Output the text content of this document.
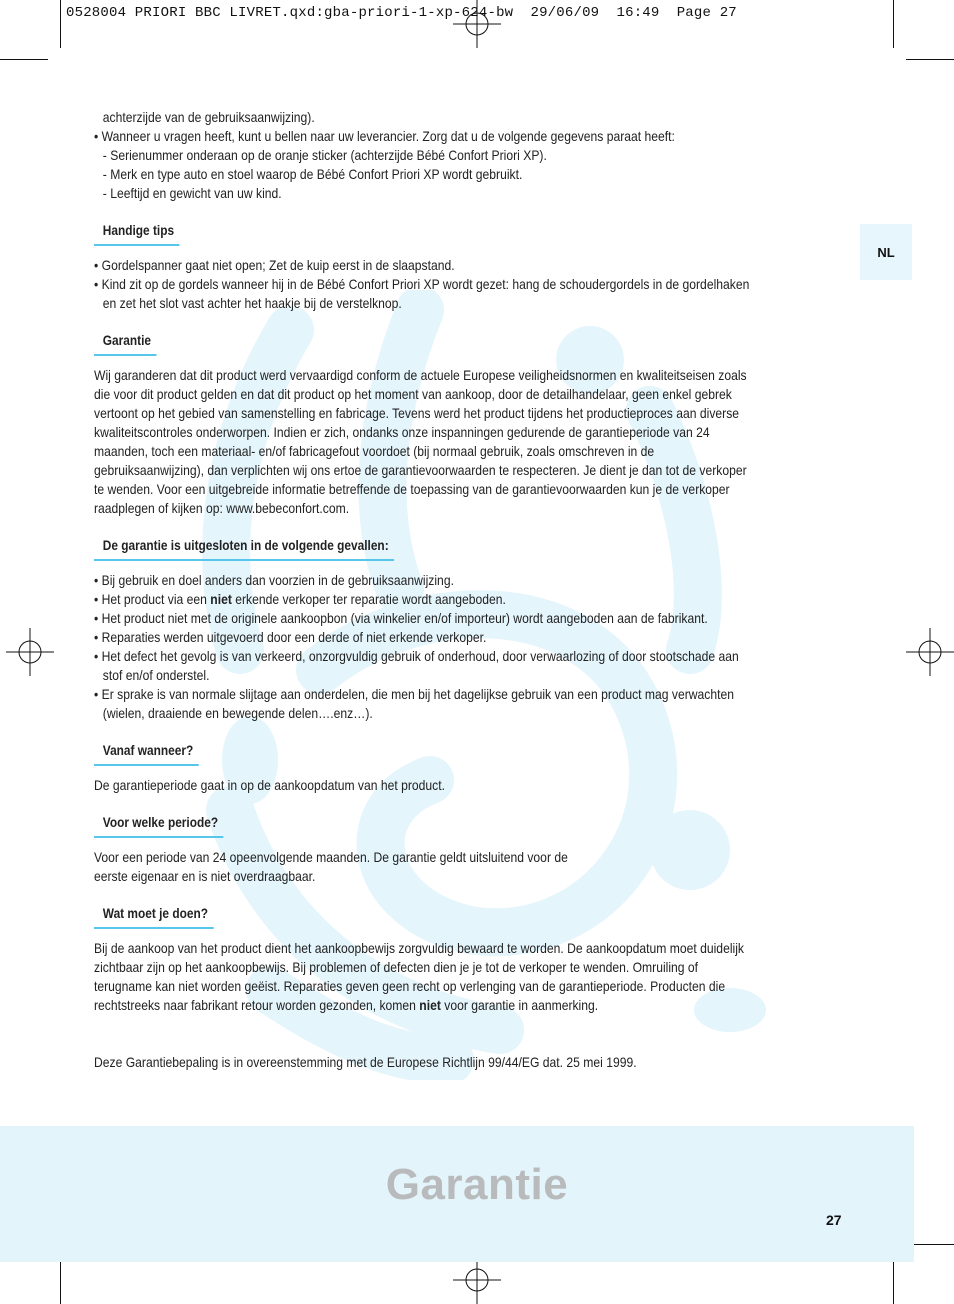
0528004 PRIORI BBC LIVRET.qxd:gba-priori-1-xp-624-bw  29/06/09  16:49  Page 27
NL

achterzijde van de gebruiksaanwijzing).

• Wanneer u vragen heeft, kunt u bellen naar uw leverancier. Zorg dat u de volgende gegevens paraat heeft:

- Serienummer onderaan op de oranje sticker (achterzijde Bébé Confort Priori XP).

- Merk en type auto en stoel waarop de Bébé Confort Priori XP wordt gebruikt.

- Leeftijd en gewicht van uw kind.

Handige tips

• Gordelspanner gaat niet open; Zet de kuip eerst in de slaapstand.

• Kind zit op de gordels wanneer hij in de Bébé Confort Priori XP wordt gezet: hang de schoudergordels in de gordelhaken en zet het slot vast achter het haakje bij de verstelknop.

Garantie

Wij garanderen dat dit product werd vervaardigd conform de actuele Europese veiligheidsnormen en kwaliteitseisen zoals die voor dit product gelden en dat dit product op het moment van aankoop, door de detailhandelaar, geen enkel gebrek vertoont op het gebied van samenstelling en fabricage. Tevens werd het product tijdens het productieproces aan diverse kwaliteitscontroles onderworpen. Indien er zich, ondanks onze inspanningen gedurende de garantieperiode van 24 maanden, toch een materiaal- en/of fabricagefout voordoet (bij normaal gebruik, zoals omschreven in de gebruiksaanwijzing), dan verplichten wij ons ertoe de garantievoorwaarden te respecteren. Je dient je dan tot de verkoper te wenden. Voor een uitgebreide informatie betreffende de toepassing van de garantievoorwaarden kun je de verkoper raadplegen of kijken op: www.bebeconfort.com.

De garantie is uitgesloten in de volgende gevallen:

• Bij gebruik en doel anders dan voorzien in de gebruiksaanwijzing.

• Het product via een niet erkende verkoper ter reparatie wordt aangeboden.

• Het product niet met de originele aankoopbon (via winkelier en/of importeur) wordt aangeboden aan de fabrikant.

• Reparaties werden uitgevoerd door een derde of niet erkende verkoper.

• Het defect het gevolg is van verkeerd, onzorgvuldig gebruik of onderhoud, door verwaarlozing of door stootschade aan stof en/of onderstel.

• Er sprake is van normale slijtage aan onderdelen, die men bij het dagelijkse gebruik van een product mag verwachten (wielen, draaiende en bewegende delen….enz…).

Vanaf wanneer?

De garantieperiode gaat in op de aankoopdatum van het product.

Voor welke periode?

Voor een periode van 24 opeenvolgende maanden. De garantie geldt uitsluitend voor de

eerste eigenaar en is niet overdraagbaar.

Wat moet je doen?

Bij de aankoop van het product dient het aankoopbewijs zorgvuldig bewaard te worden. De aankoopdatum moet duidelijk zichtbaar zijn op het aankoopbewijs. Bij problemen of defecten dien je je tot de verkoper te wenden. Omruiling of terugname kan niet worden geëist. Reparaties geven geen recht op verlenging van de garantieperiode. Producten die rechtstreeks naar fabrikant retour worden gezonden, komen niet voor garantie in aanmerking.

Deze Garantiebepaling is in overeenstemming met de Europese Richtlijn 99/44/EG dat. 25 mei 1999.

Garantie
27
